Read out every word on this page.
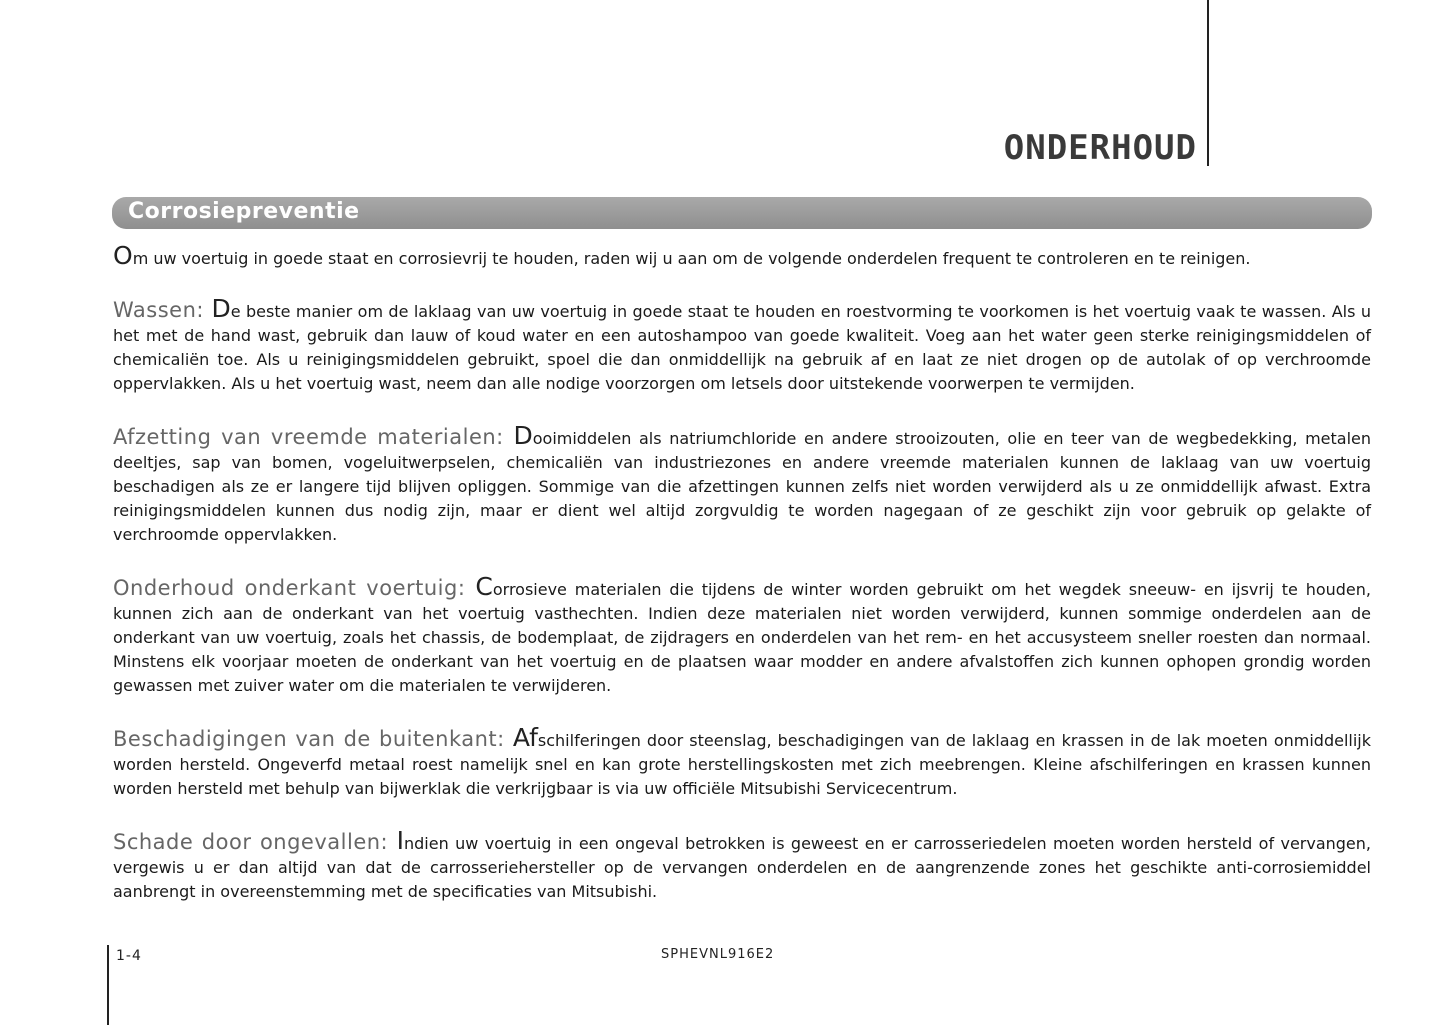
ONDERHOUD
Corrosiepreventie

Om uw voertuig in goede staat en corrosievrij te houden, raden wij u aan om de volgende onderdelen frequent te controleren en te reinigen.

Wassen: De beste manier om de laklaag van uw voertuig in goede staat te houden en roestvorming te voorkomen is het voertuig vaak te wassen. Als u het met de hand wast, gebruik dan lauw of koud water en een autoshampoo van goede kwaliteit. Voeg aan het water geen sterke reinigingsmiddelen of chemicaliën toe. Als u reinigingsmiddelen gebruikt, spoel die dan onmiddellijk na gebruik af en laat ze niet drogen op de autolak of op verchroomde oppervlakken. Als u het voertuig wast, neem dan alle nodige voorzorgen om letsels door uitstekende voorwerpen te vermijden.

Afzetting van vreemde materialen: Dooimiddelen als natriumchloride en andere strooizouten, olie en teer van de wegbedekking, metalen deeltjes, sap van bomen, vogeluitwerpselen, chemicaliën van industriezones en andere vreemde materialen kunnen de laklaag van uw voertuig beschadigen als ze er langere tijd blijven opliggen. Sommige van die afzettingen kunnen zelfs niet worden verwijderd als u ze onmiddellijk afwast. Extra reinigingsmiddelen kunnen dus nodig zijn, maar er dient wel altijd zorgvuldig te worden nagegaan of ze geschikt zijn voor gebruik op gelakte of verchroomde oppervlakken.

Onderhoud onderkant voertuig: Corrosieve materialen die tijdens de winter worden gebruikt om het wegdek sneeuw- en ijsvrij te houden, kunnen zich aan de onderkant van het voertuig vasthechten. Indien deze materialen niet worden verwijderd, kunnen sommige onderdelen aan de onderkant van uw voertuig, zoals het chassis, de bodemplaat, de zijdragers en onderdelen van het rem- en het accusysteem sneller roesten dan normaal. Minstens elk voorjaar moeten de onderkant van het voertuig en de plaatsen waar modder en andere afvalstoffen zich kunnen ophopen grondig worden gewassen met zuiver water om die materialen te verwijderen.

Beschadigingen van de buitenkant: Afschilferingen door steenslag, beschadigingen van de laklaag en krassen in de lak moeten onmiddellijk worden hersteld. Ongeverfd metaal roest namelijk snel en kan grote herstellingskosten met zich meebrengen. Kleine afschilferingen en krassen kunnen worden hersteld met behulp van bijwerklak die verkrijgbaar is via uw officiële Mitsubishi Servicecentrum.

Schade door ongevallen: Indien uw voertuig in een ongeval betrokken is geweest en er carrosseriedelen moeten worden hersteld of vervangen, vergewis u er dan altijd van dat de carrosseriehersteller op de vervangen onderdelen en de aangrenzende zones het geschikte anti-corrosiemiddel aanbrengt in overeenstemming met de specificaties van Mitsubishi.

1-4	SPHEVNL916E2
